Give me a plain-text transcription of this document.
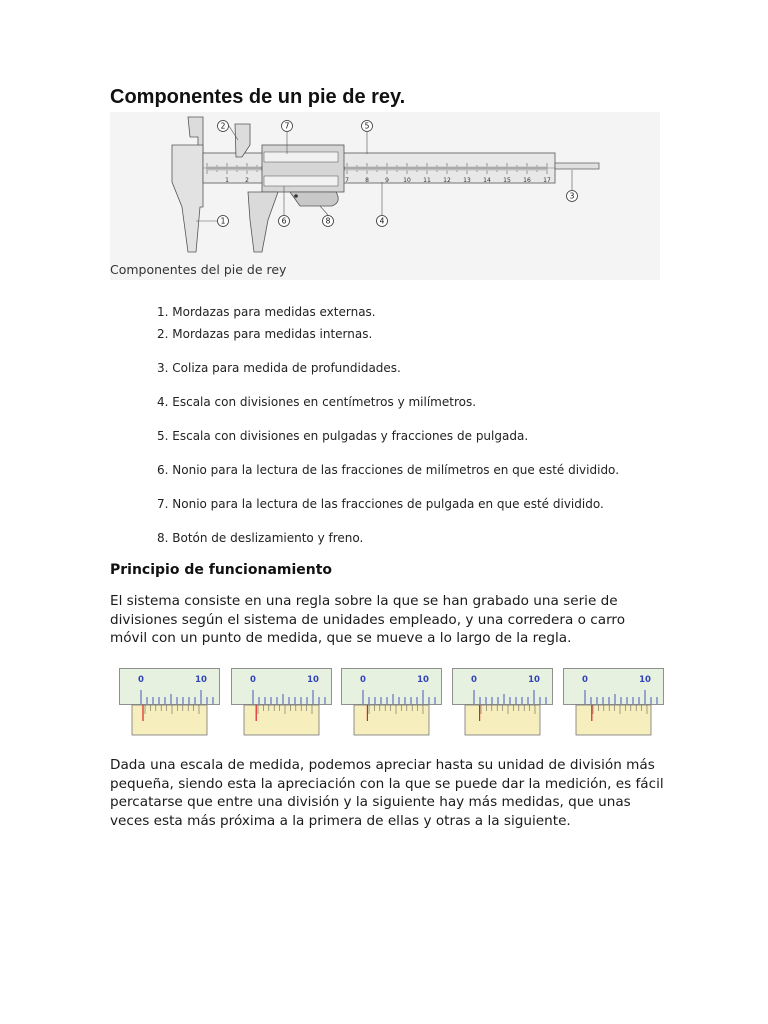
Componentes de un pie de rey.
1	2	7	8	9 10 11 12 13 14 15 16 17
1
2
3
4
5
6
7
8
Componentes del pie de rey
1. Mordazas para medidas externas.
2. Mordazas para medidas internas.
3. Coliza para medida de profundidades.
4. Escala con divisiones en centímetros y milímetros.
5. Escala con divisiones en pulgadas y fracciones de pulgada.
6. Nonio para la lectura de las fracciones de milímetros en que esté dividido.
7. Nonio para la lectura de las fracciones de pulgada en que esté dividido.
8. Botón de deslizamiento y freno.
Principio de funcionamiento

El sistema consiste en una regla sobre la que se han grabado una serie de divisiones según el sistema de unidades empleado, y una corredera o carro móvil con un punto de medida, que se mueve a lo largo de la regla.

0	10	0	10	0	10	0	10	0	10

Dada una escala de medida, podemos apreciar hasta su unidad de división más pequeña, siendo esta la apreciación con la que se puede dar la medición, es fácil percatarse que entre una división y la siguiente hay más medidas, que unas veces esta más próxima a la primera de ellas y otras a la siguiente.
